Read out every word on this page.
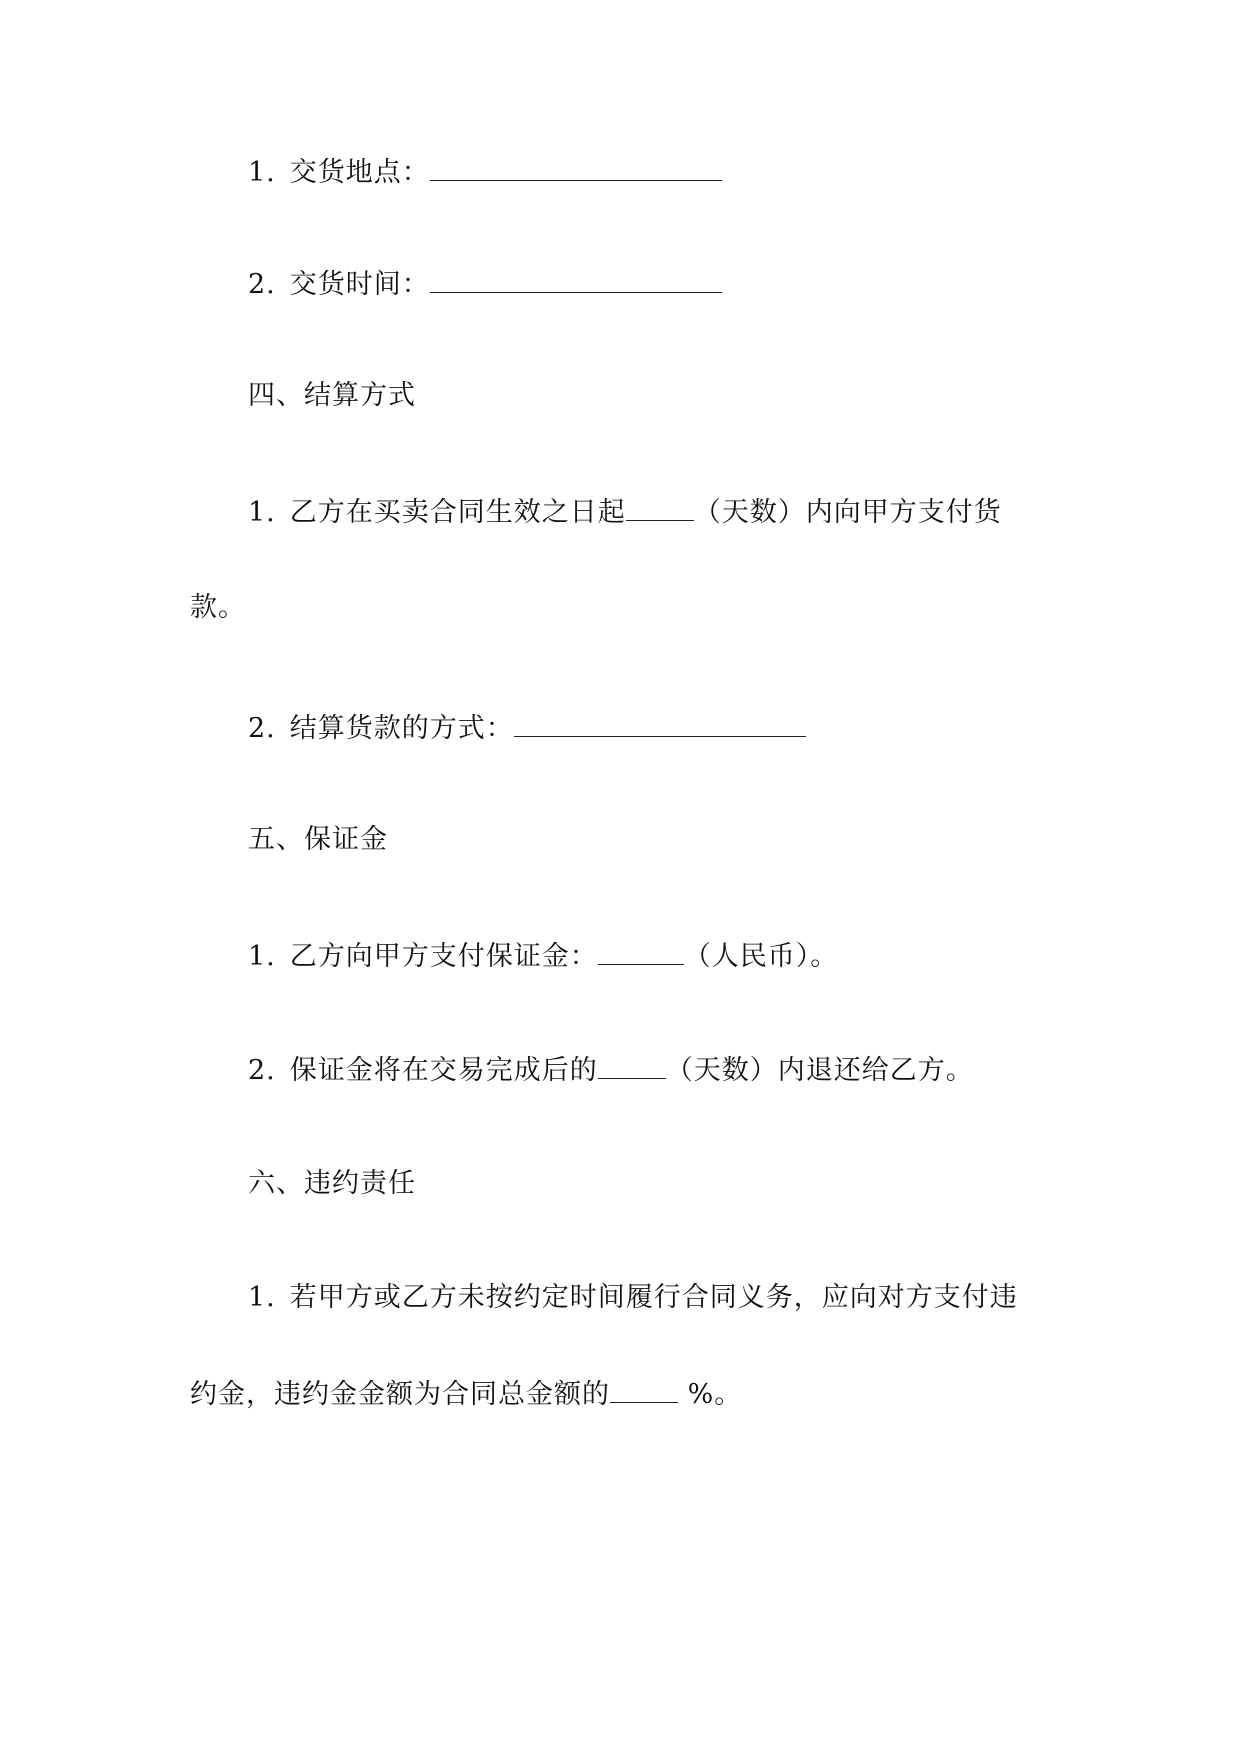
1. 交货地点：
2. 交货时间：
四、结算方式
1. 乙方在买卖合同生效之日起	（天数）内向甲方支付货
款。
2. 结算货款的方式：
五、保证金
1. 乙方向甲方支付保证金：	（人民币）。
2. 保证金将在交易完成后的	（天数）内退还给乙方。
六、违约责任
1. 若甲方或乙方未按约定时间履行合同义务，应向对方支付违
约金，违约金金额为合同总金额的	%。
